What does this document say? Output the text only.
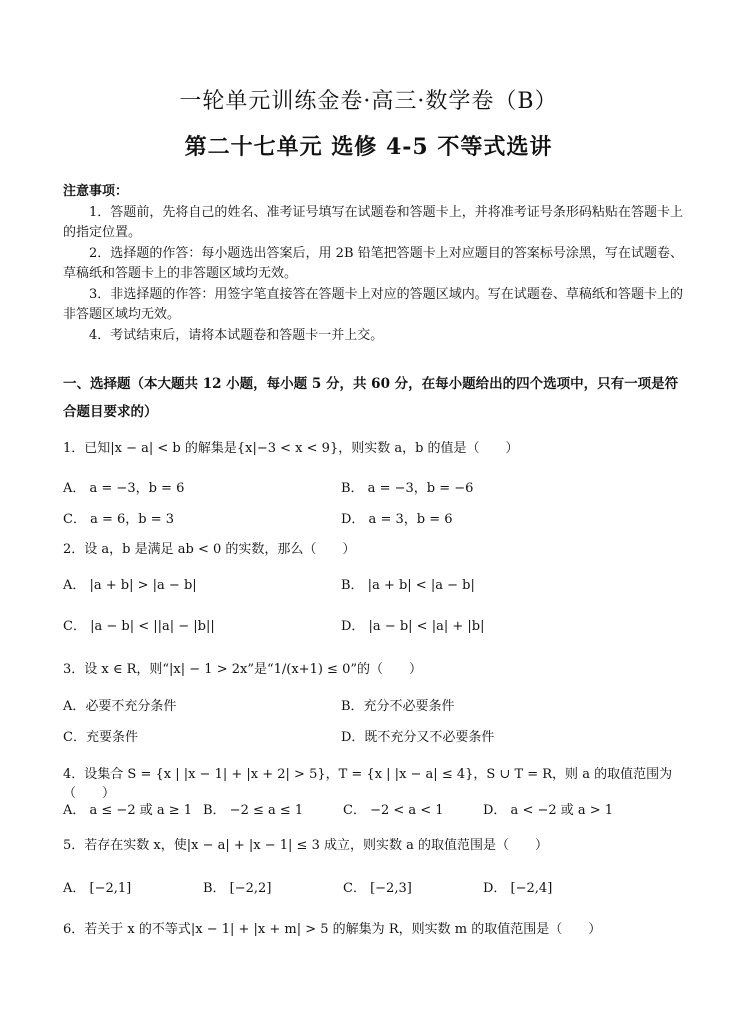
一轮单元训练金卷·高三·数学卷（B）
第二十七单元 选修 4-5 不等式选讲
注意事项：

1．答题前，先将自己的姓名、准考证号填写在试题卷和答题卡上，并将准考证号条形码粘贴在答题卡上的指定位置。

2．选择题的作答：每小题选出答案后，用 2B 铅笔把答题卡上对应题目的答案标号涂黑，写在试题卷、草稿纸和答题卡上的非答题区域均无效。

3．非选择题的作答：用签字笔直接答在答题卡上对应的答题区域内。写在试题卷、草稿纸和答题卡上的非答题区域均无效。

4．考试结束后，请将本试题卷和答题卡一并上交。

一、选择题（本大题共 12 小题，每小题 5 分，共 60 分，在每小题给出的四个选项中，只有一项是符合题目要求的）
1．已知|x − a| < b 的解集是{x|−3 < x < 9}，则实数 a，b 的值是（　　）
A． a = −3，b = 6	B． a = −3，b = −6
C． a = 6，b = 3	D． a = 3，b = 6
2．设 a，b 是满足 ab < 0 的实数，那么（　　）
A． |a + b| > |a − b|	B． |a + b| < |a − b|
C． |a − b| < ||a| − |b||	D． |a − b| < |a| + |b|
3．设 x ∈ R，则“|x| − 1 > 2x”是“1/(x+1) ≤ 0”的（　　）
A．必要不充分条件	B．充分不必要条件
C．充要条件	D．既不充分又不必要条件
4．设集合 S = {x | |x − 1| + |x + 2| > 5}，T = {x | |x − a| ≤ 4}，S ∪ T = R，则 a 的取值范围为（　　）
A． a ≤ −2 或 a ≥ 1 B． −2 ≤ a ≤ 1	C． −2 < a < 1	D． a < −2 或 a > 1
5．若存在实数 x，使|x − a| + |x − 1| ≤ 3 成立，则实数 a 的取值范围是（　　）
A． [−2,1]	B． [−2,2]	C． [−2,3]	D． [−2,4]
6．若关于 x 的不等式|x − 1| + |x + m| > 5 的解集为 R，则实数 m 的取值范围是（　　）
